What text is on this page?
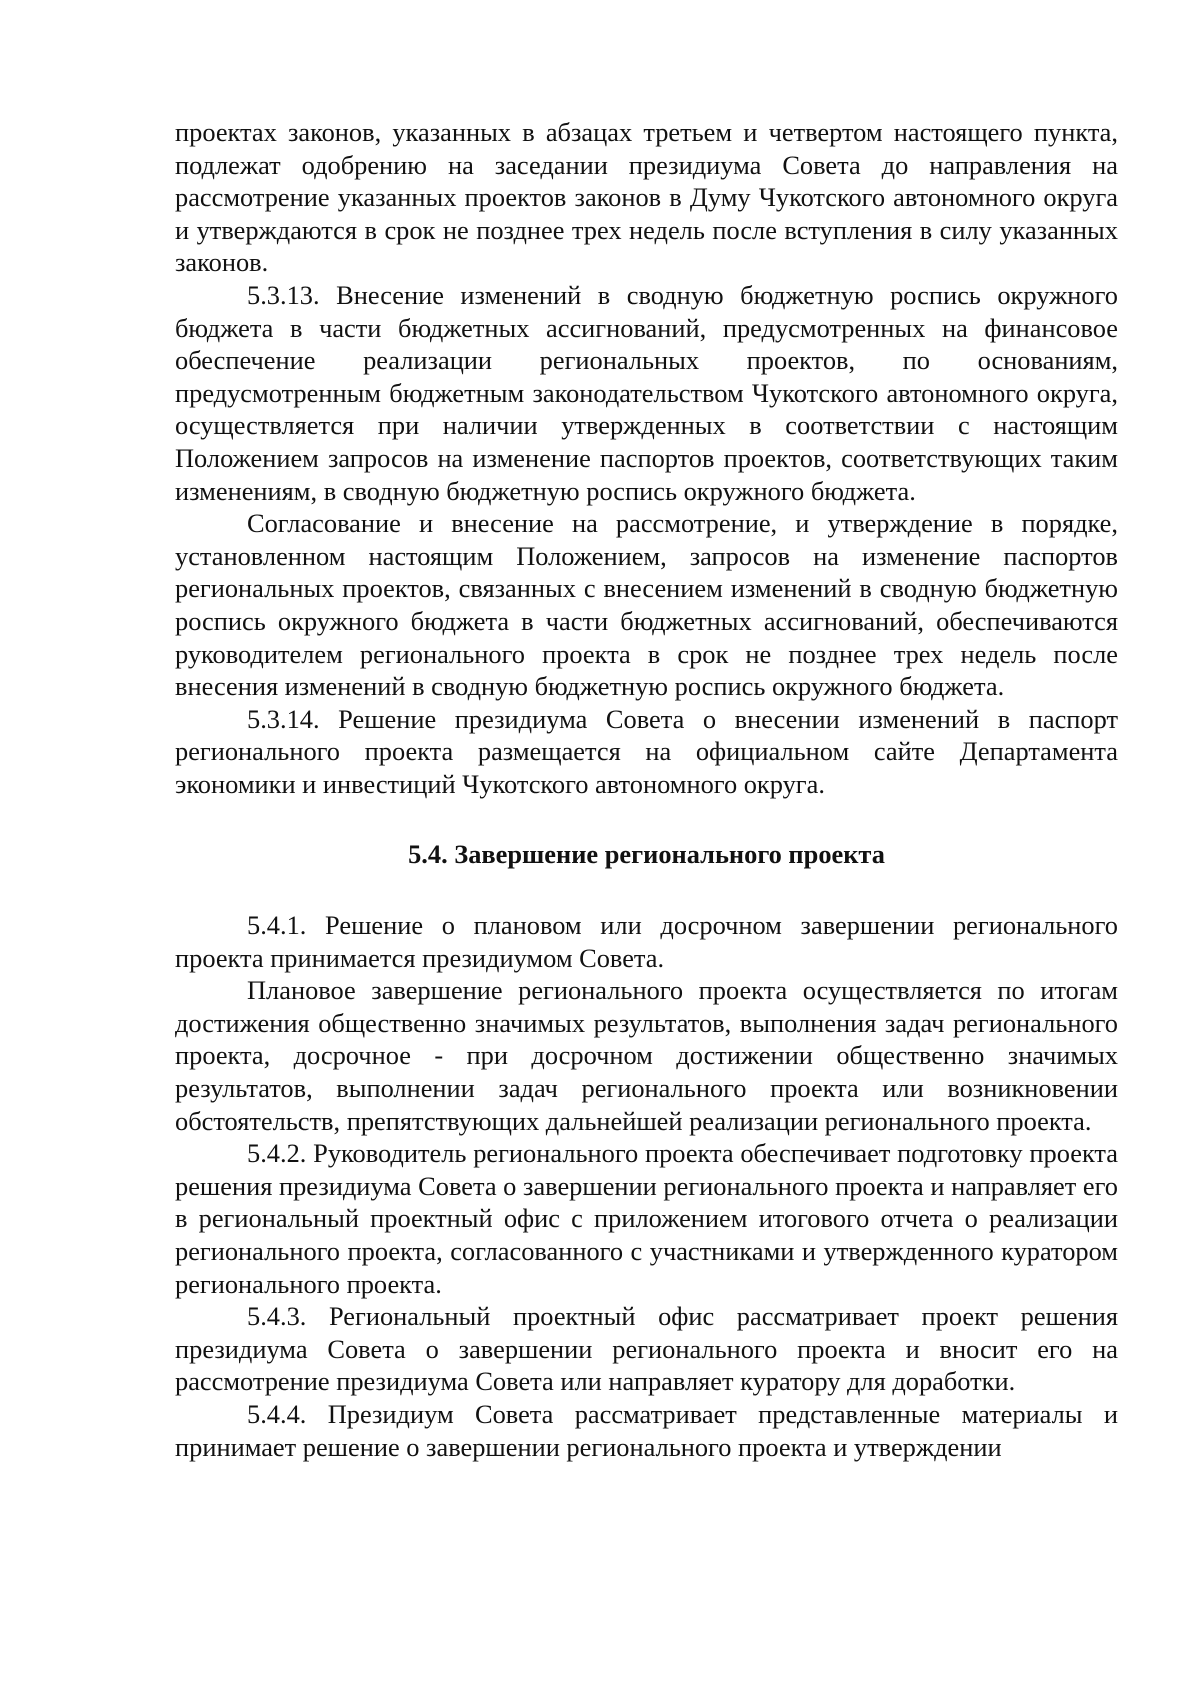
проектах законов, указанных в абзацах третьем и четвертом настоящего пункта, подлежат одобрению на заседании президиума Совета до направления на рассмотрение указанных проектов законов в Думу Чукотского автономного округа и утверждаются в срок не позднее трех недель после вступления в силу указанных законов.

5.3.13. Внесение изменений в сводную бюджетную роспись окружного бюджета в части бюджетных ассигнований, предусмотренных на финансовое обеспечение реализации региональных проектов, по основаниям, предусмотренным бюджетным законодательством Чукотского автономного округа, осуществляется при наличии утвержденных в соответствии с настоящим Положением запросов на изменение паспортов проектов, соответствующих таким изменениям, в сводную бюджетную роспись окружного бюджета.

Согласование и внесение на рассмотрение, и утверждение в порядке, установленном настоящим Положением, запросов на изменение паспортов региональных проектов, связанных с внесением изменений в сводную бюджетную роспись окружного бюджета в части бюджетных ассигнований, обеспечиваются руководителем регионального проекта в срок не позднее трех недель после внесения изменений в сводную бюджетную роспись окружного бюджета.

5.3.14. Решение президиума Совета о внесении изменений в паспорт регионального проекта размещается на официальном сайте Департамента экономики и инвестиций Чукотского автономного округа.

5.4. Завершение регионального проекта

5.4.1. Решение о плановом или досрочном завершении регионального проекта принимается президиумом Совета.

Плановое завершение регионального проекта осуществляется по итогам достижения общественно значимых результатов, выполнения задач регионального проекта, досрочное - при досрочном достижении общественно значимых результатов, выполнении задач регионального проекта или возникновении обстоятельств, препятствующих дальнейшей реализации регионального проекта.

5.4.2. Руководитель регионального проекта обеспечивает подготовку проекта решения президиума Совета о завершении регионального проекта и направляет его в региональный проектный офис с приложением итогового отчета о реализации регионального проекта, согласованного с участниками и утвержденного куратором регионального проекта.

5.4.3. Региональный проектный офис рассматривает проект решения президиума Совета о завершении регионального проекта и вносит его на рассмотрение президиума Совета или направляет куратору для доработки.

5.4.4. Президиум Совета рассматривает представленные материалы и принимает решение о завершении регионального проекта и утверждении
